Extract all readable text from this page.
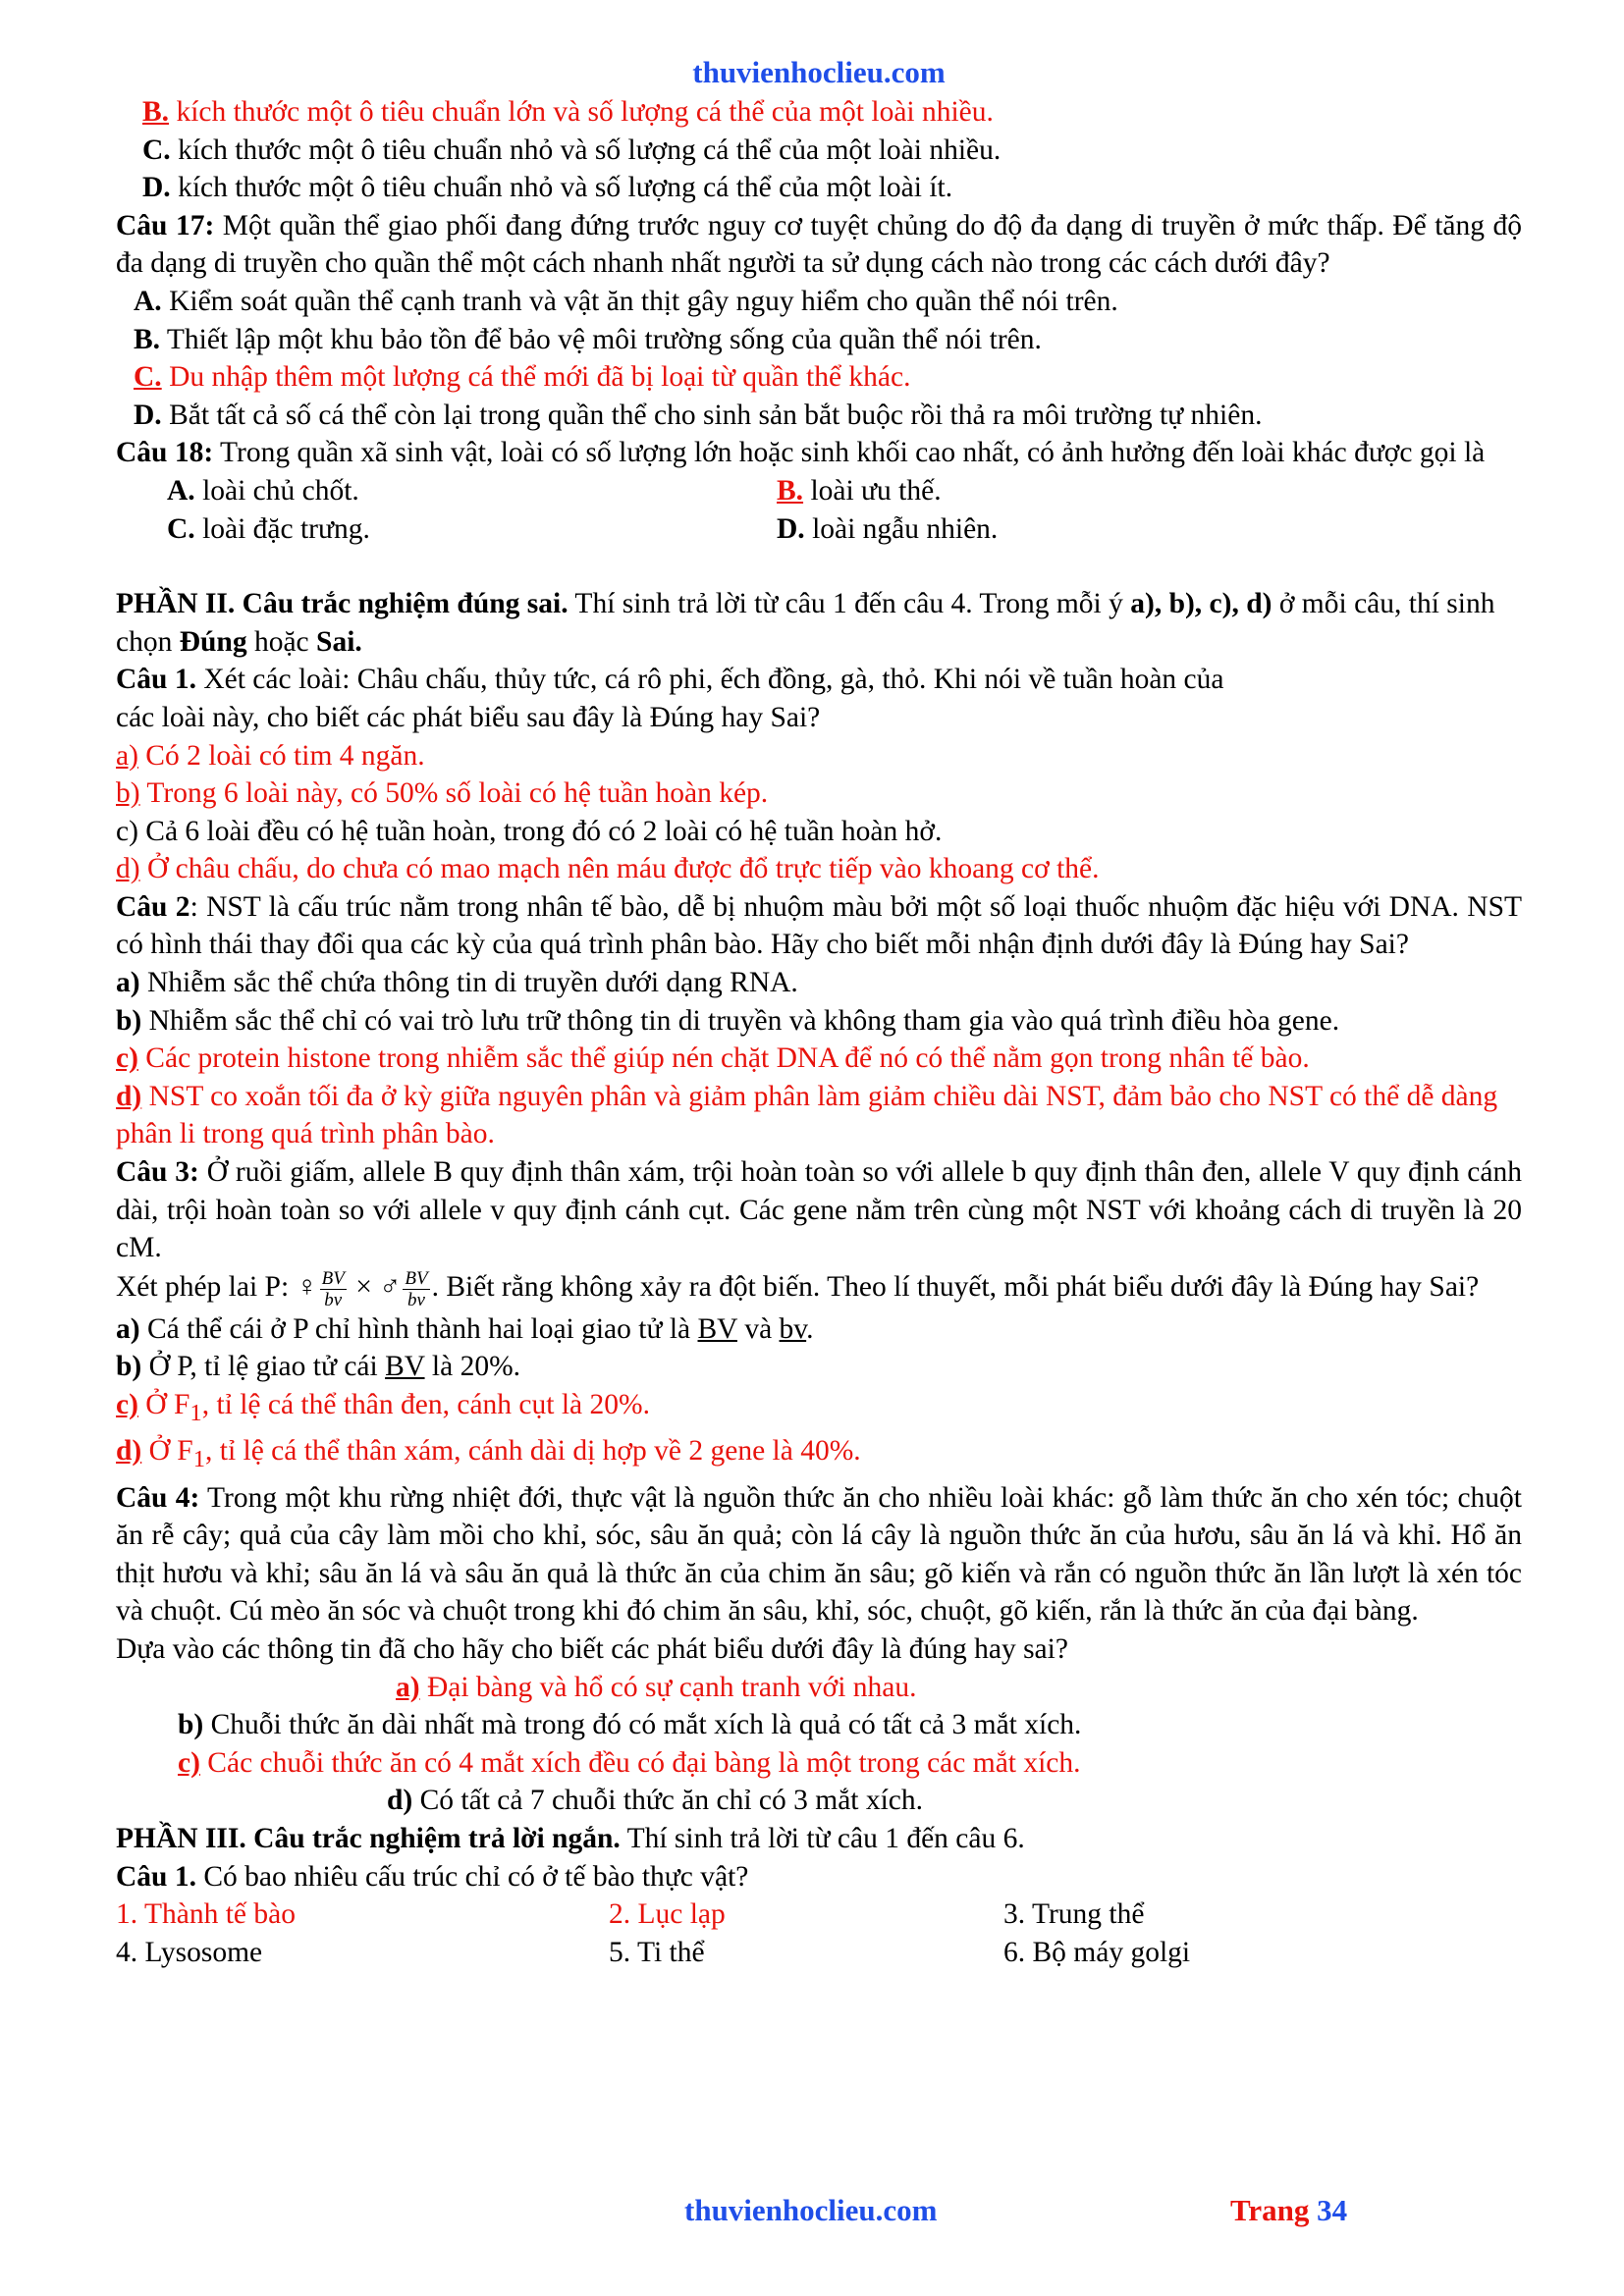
thuvienhoclieu.com
B. kích thước một ô tiêu chuẩn lớn và số lượng cá thể của một loài nhiều.
C. kích thước một ô tiêu chuẩn nhỏ và số lượng cá thể của một loài nhiều.
D. kích thước một ô tiêu chuẩn nhỏ và số lượng cá thể của một loài ít.
Câu 17: Một quần thể giao phối đang đứng trước nguy cơ tuyệt chủng do độ đa dạng di truyền ở mức thấp. Để tăng độ đa dạng di truyền cho quần thể một cách nhanh nhất người ta sử dụng cách nào trong các cách dưới đây?
A. Kiểm soát quần thể cạnh tranh và vật ăn thịt gây nguy hiểm cho quần thể nói trên.
B. Thiết lập một khu bảo tồn để bảo vệ môi trường sống của quần thể nói trên.
C. Du nhập thêm một lượng cá thể mới đã bị loại từ quần thể khác.
D. Bắt tất cả số cá thể còn lại trong quần thể cho sinh sản bắt buộc rồi thả ra môi trường tự nhiên.
Câu 18: Trong quần xã sinh vật, loài có số lượng lớn hoặc sinh khối cao nhất, có ảnh hưởng đến loài khác được gọi là
A. loài chủ chốt.	B. loài ưu thế.
C. loài đặc trưng.	D. loài ngẫu nhiên.
PHẦN II. Câu trắc nghiệm đúng sai. Thí sinh trả lời từ câu 1 đến câu 4. Trong mỗi ý a), b), c), d) ở mỗi câu, thí sinh chọn Đúng hoặc Sai.
Câu 1. Xét các loài: Châu chấu, thủy tức, cá rô phi, ếch đồng, gà, thỏ. Khi nói về tuần hoàn của
các loài này, cho biết các phát biểu sau đây là Đúng hay Sai?
a) Có 2 loài có tim 4 ngăn.
b) Trong 6 loài này, có 50% số loài có hệ tuần hoàn kép.
c) Cả 6 loài đều có hệ tuần hoàn, trong đó có 2 loài có hệ tuần hoàn hở.
d) Ở châu chấu, do chưa có mao mạch nên máu được đổ trực tiếp vào khoang cơ thể.
Câu 2: NST là cấu trúc nằm trong nhân tế bào, dễ bị nhuộm màu bởi một số loại thuốc nhuộm đặc hiệu với DNA. NST có hình thái thay đổi qua các kỳ của quá trình phân bào. Hãy cho biết mỗi nhận định dưới đây là Đúng hay Sai?
a) Nhiễm sắc thể chứa thông tin di truyền dưới dạng RNA.
b) Nhiễm sắc thể chỉ có vai trò lưu trữ thông tin di truyền và không tham gia vào quá trình điều hòa gene.
c) Các protein histone trong nhiễm sắc thể giúp nén chặt DNA để nó có thể nằm gọn trong nhân tế bào.
d) NST co xoắn tối đa ở kỳ giữa nguyên phân và giảm phân làm giảm chiều dài NST, đảm bảo cho NST có thể dễ dàng phân li trong quá trình phân bào.
Câu 3: Ở ruồi giấm, allele B quy định thân xám, trội hoàn toàn so với allele b quy định thân đen, allele V quy định cánh dài, trội hoàn toàn so với allele v quy định cánh cụt. Các gene nằm trên cùng một NST với khoảng cách di truyền là 20 cM.
Xét phép lai P: ♀ $\frac{BV}{bv}$ × ♂ $\frac{BV}{bv}$ . Biết rằng không xảy ra đột biến. Theo lí thuyết, mỗi phát biểu dưới đây là Đúng hay Sai?
a) Cá thể cái ở P chỉ hình thành hai loại giao tử là BV và bv.
b) Ở P, tỉ lệ giao tử cái BV là 20%.
c) Ở $F_1$, tỉ lệ cá thể thân đen, cánh cụt là 20%.
d) Ở $F_1$, tỉ lệ cá thể thân xám, cánh dài dị hợp về 2 gene là 40%.
Câu 4: Trong một khu rừng nhiệt đới, thực vật là nguồn thức ăn cho nhiều loài khác: gỗ làm thức ăn cho xén tóc; chuột ăn rễ cây; quả của cây làm mồi cho khỉ, sóc, sâu ăn quả; còn lá cây là nguồn thức ăn của hươu, sâu ăn lá và khỉ. Hổ ăn thịt hươu và khỉ; sâu ăn lá và sâu ăn quả là thức ăn của chim ăn sâu; gõ kiến và rắn có nguồn thức ăn lần lượt là xén tóc và chuột. Cú mèo ăn sóc và chuột trong khi đó chim ăn sâu, khỉ, sóc, chuột, gõ kiến, rắn là thức ăn của đại bàng.
Dựa vào các thông tin đã cho hãy cho biết các phát biểu dưới đây là đúng hay sai?
a) Đại bàng và hổ có sự cạnh tranh với nhau.
b) Chuỗi thức ăn dài nhất mà trong đó có mắt xích là quả có tất cả 3 mắt xích.
c) Các chuỗi thức ăn có 4 mắt xích đều có đại bàng là một trong các mắt xích.
d) Có tất cả 7 chuỗi thức ăn chỉ có 3 mắt xích.
PHẦN III. Câu trắc nghiệm trả lời ngắn. Thí sinh trả lời từ câu 1 đến câu 6.
Câu 1. Có bao nhiêu cấu trúc chỉ có ở tế bào thực vật?
1. Thành tế bào	2. Lục lạp	3. Trung thể
4. Lysosome	5. Ti thể	6. Bộ máy golgi
thuvienhoclieu.com	Trang 34
